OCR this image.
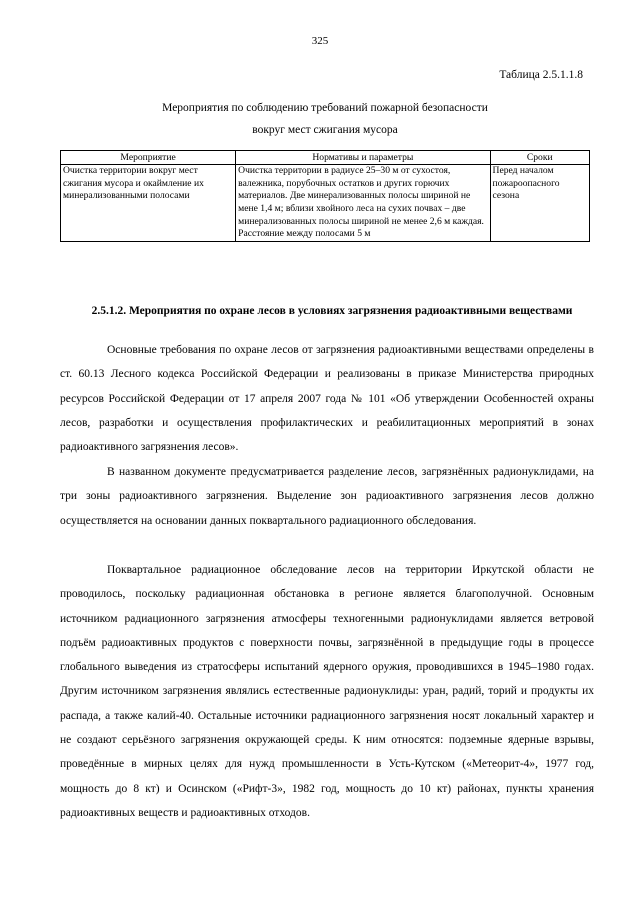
325
Таблица 2.5.1.1.8
Мероприятия по соблюдению требований пожарной безопасности
вокруг мест сжигания мусора
Мероприятие	Нормативы и параметры	Сроки
Очистка территории вокруг мест сжигания мусора и окаймление их минерализованными полосами	Очистка территории в радиусе 25–30 м от сухостоя, валежника, порубочных остатков и других горючих материалов. Две минерализованных полосы шириной не мене 1,4 м; вблизи хвойного леса на сухих почвах – две минерализованных полосы шириной не менее 2,6 м каждая. Расстояние между полосами 5 м	Перед началом пожароопасного сезона
2.5.1.2. Мероприятия по охране лесов в условиях загрязнения радиоактивными веществами

Основные требования по охране лесов от загрязнения радиоактивными веществами определены в ст. 60.13 Лесного кодекса Российской Федерации и реализованы в приказе Министерства природных ресурсов Российской Федерации от 17 апреля 2007 года № 101 «Об утверждении Особенностей охраны лесов, разработки и осуществления профилактических и реабилитационных мероприятий в зонах радиоактивного загрязнения лесов».

В названном документе предусматривается разделение лесов, загрязнённых радионуклидами, на три зоны радиоактивного загрязнения. Выделение зон радиоактивного загрязнения лесов должно осуществляется на основании данных поквартального радиационного обследования.

Поквартальное радиационное обследование лесов на территории Иркутской области не проводилось, поскольку радиационная обстановка в регионе является благополучной. Основным источником радиационного загрязнения атмосферы техногенными радионуклидами является ветровой подъём радиоактивных продуктов с поверхности почвы, загрязнённой в предыдущие годы в процессе глобального выведения из стратосферы испытаний ядерного оружия, проводившихся в 1945–1980 годах. Другим источником загрязнения являлись естественные радионуклиды: уран, радий, торий и продукты их распада, а также калий-40. Остальные источники радиационного загрязнения носят локальный характер и не создают серьёзного загрязнения окружающей среды. К ним относятся: подземные ядерные взрывы, проведённые в мирных целях для нужд промышленности в Усть-Кутском («Метеорит-4», 1977 год, мощность до 8 кт) и Осинском («Рифт-3», 1982 год, мощность до 10 кт) районах, пункты хранения радиоактивных веществ и радиоактивных отходов.
